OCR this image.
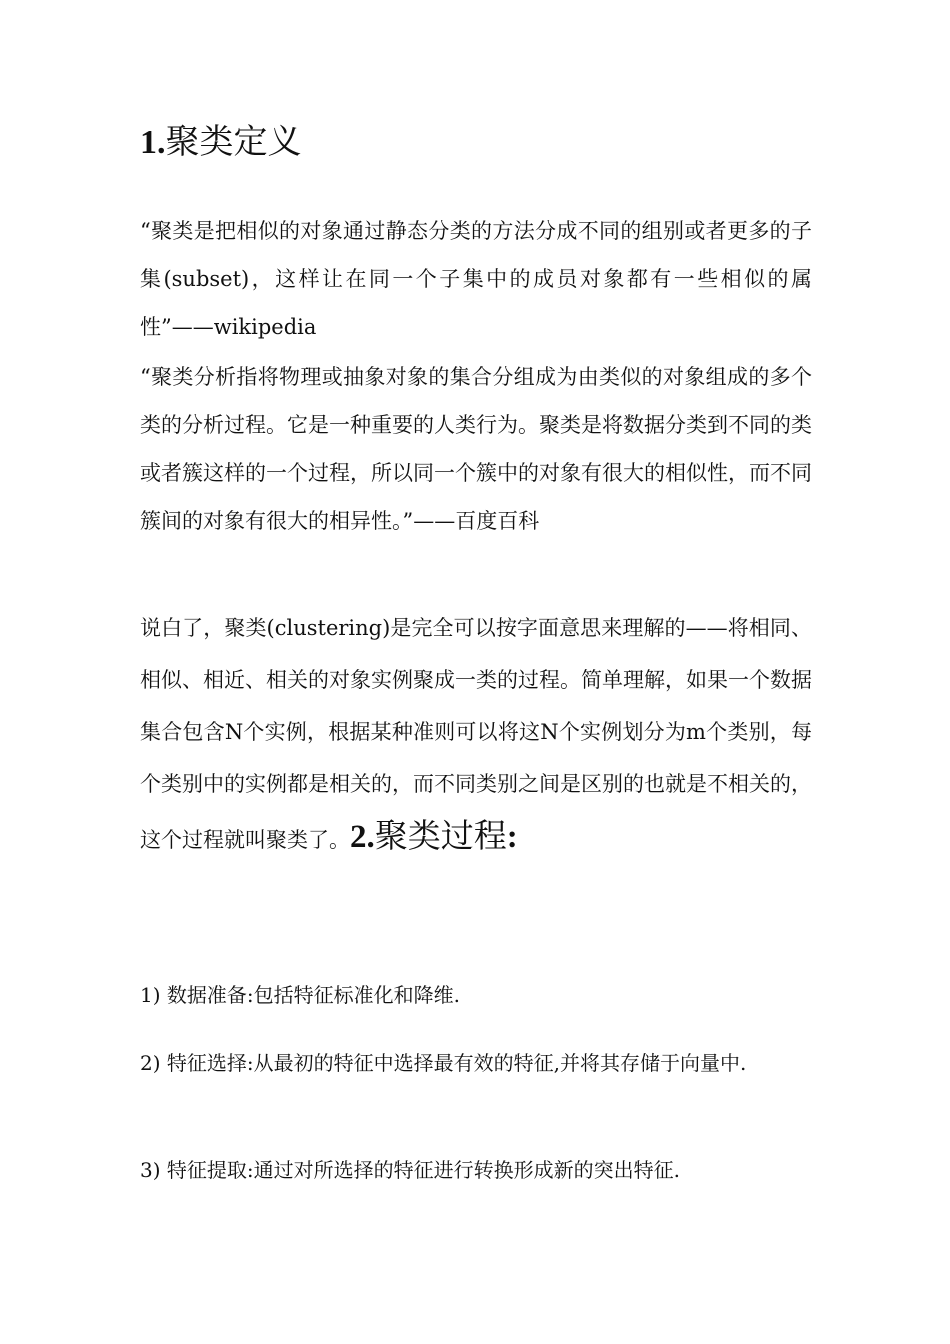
1.聚类定义
“聚类是把相似的对象通过静态分类的方法分成不同的组别或者更多的子集(subset)，这样让在同一个子集中的成员对象都有一些相似的属性”——wikipedia
“聚类分析指将物理或抽象对象的集合分组成为由类似的对象组成的多个类的分析过程。它是一种重要的人类行为。聚类是将数据分类到不同的类或者簇这样的一个过程，所以同一个簇中的对象有很大的相似性，而不同簇间的对象有很大的相异性。”——百度百科
说白了，聚类(clustering)是完全可以按字面意思来理解的——将相同、相似、相近、相关的对象实例聚成一类的过程。简单理解，如果一个数据集合包含N个实例，根据某种准则可以将这N个实例划分为m个类别，每个类别中的实例都是相关的，而不同类别之间是区别的也就是不相关的，这个过程就叫聚类了。2.聚类过程:
1) 数据准备:包括特征标准化和降维.
2) 特征选择:从最初的特征中选择最有效的特征,并将其存储于向量中.
3) 特征提取:通过对所选择的特征进行转换形成新的突出特征.
